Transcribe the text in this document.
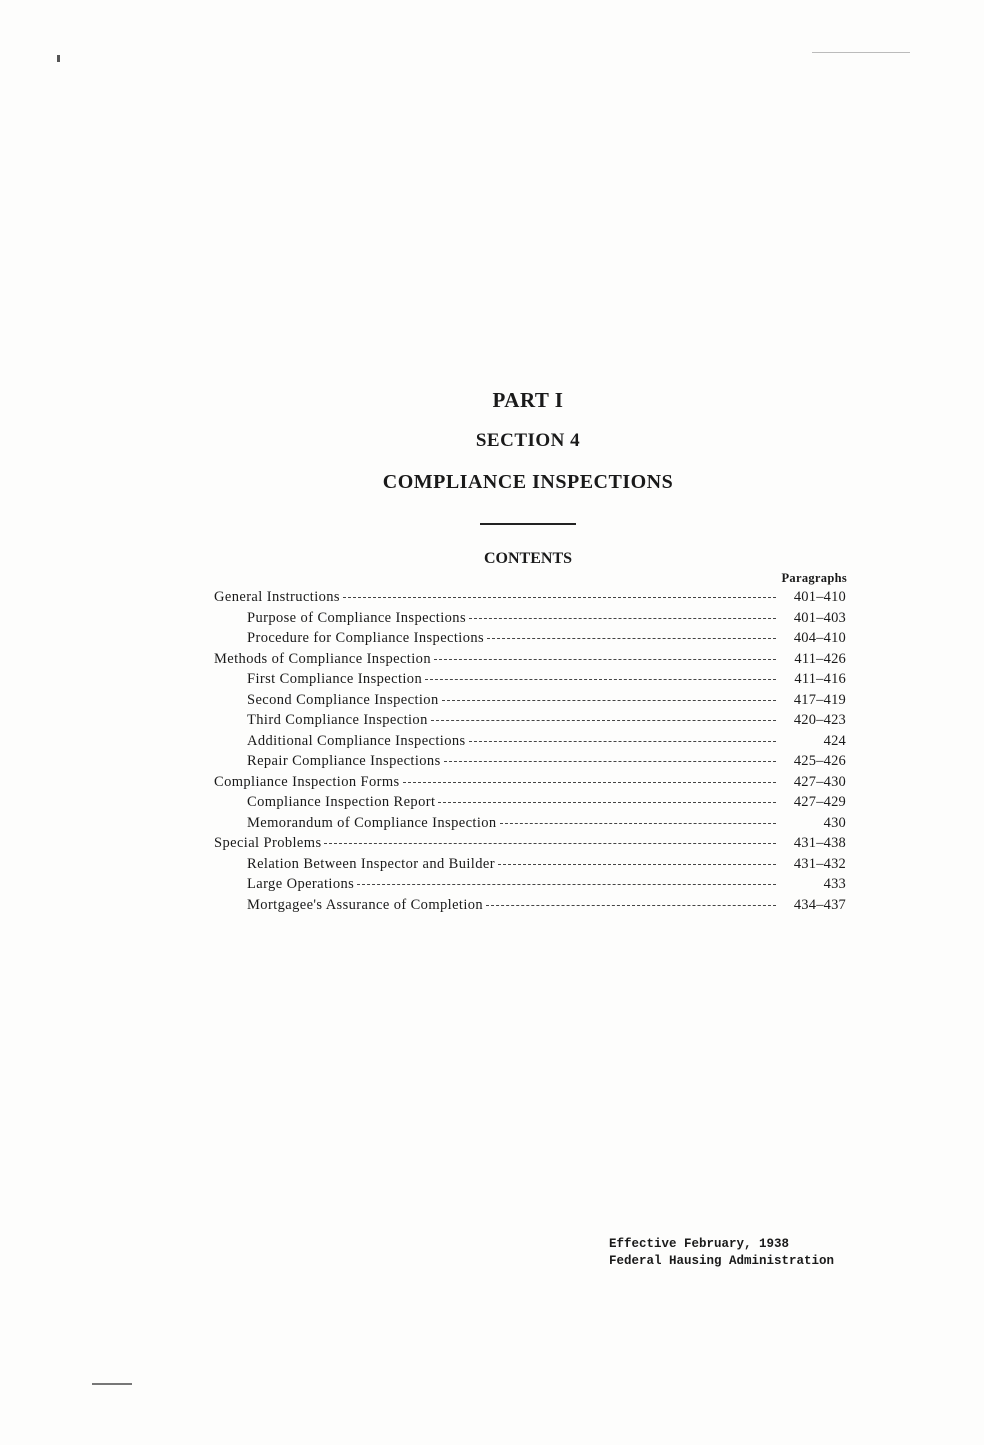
PART I
SECTION 4
COMPLIANCE INSPECTIONS
CONTENTS
Paragraphs
General Instructions	401–410
Purpose of Compliance Inspections	401–403
Procedure for Compliance Inspections	404–410
Methods of Compliance Inspection	411–426
First Compliance Inspection	411–416
Second Compliance Inspection	417–419
Third Compliance Inspection	420–423
Additional Compliance Inspections	424
Repair Compliance Inspections	425–426
Compliance Inspection Forms	427–430
Compliance Inspection Report	427–429
Memorandum of Compliance Inspection	430
Special Problems	431–438
Relation Between Inspector and Builder	431–432
Large Operations	433
Mortgagee's Assurance of Completion	434–437
Effective February, 1938
Federal Hausing Administration
